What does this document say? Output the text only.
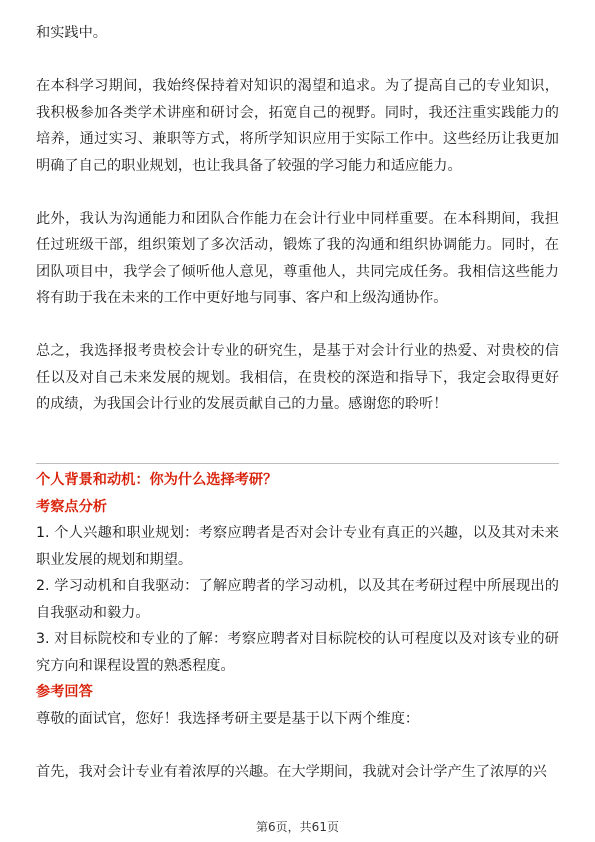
和实践中。

在本科学习期间，我始终保持着对知识的渴望和追求。为了提高自己的专业知识，我积极参加各类学术讲座和研讨会，拓宽自己的视野。同时，我还注重实践能力的培养，通过实习、兼职等方式，将所学知识应用于实际工作中。这些经历让我更加明确了自己的职业规划，也让我具备了较强的学习能力和适应能力。

此外，我认为沟通能力和团队合作能力在会计行业中同样重要。在本科期间，我担任过班级干部，组织策划了多次活动，锻炼了我的沟通和组织协调能力。同时，在团队项目中，我学会了倾听他人意见，尊重他人，共同完成任务。我相信这些能力将有助于我在未来的工作中更好地与同事、客户和上级沟通协作。

总之，我选择报考贵校会计专业的研究生，是基于对会计行业的热爱、对贵校的信任以及对自己未来发展的规划。我相信，在贵校的深造和指导下，我定会取得更好的成绩，为我国会计行业的发展贡献自己的力量。感谢您的聆听！

个人背景和动机：你为什么选择考研？

考察点分析

1. 个人兴趣和职业规划：考察应聘者是否对会计专业有真正的兴趣，以及其对未来职业发展的规划和期望。

2. 学习动机和自我驱动：了解应聘者的学习动机，以及其在考研过程中所展现出的自我驱动和毅力。

3. 对目标院校和专业的了解：考察应聘者对目标院校的认可程度以及对该专业的研究方向和课程设置的熟悉程度。

参考回答

尊敬的面试官，您好！我选择考研主要是基于以下两个维度：

首先，我对会计专业有着浓厚的兴趣。在大学期间，我就对会计学产生了浓厚的兴

第6页，共61页
